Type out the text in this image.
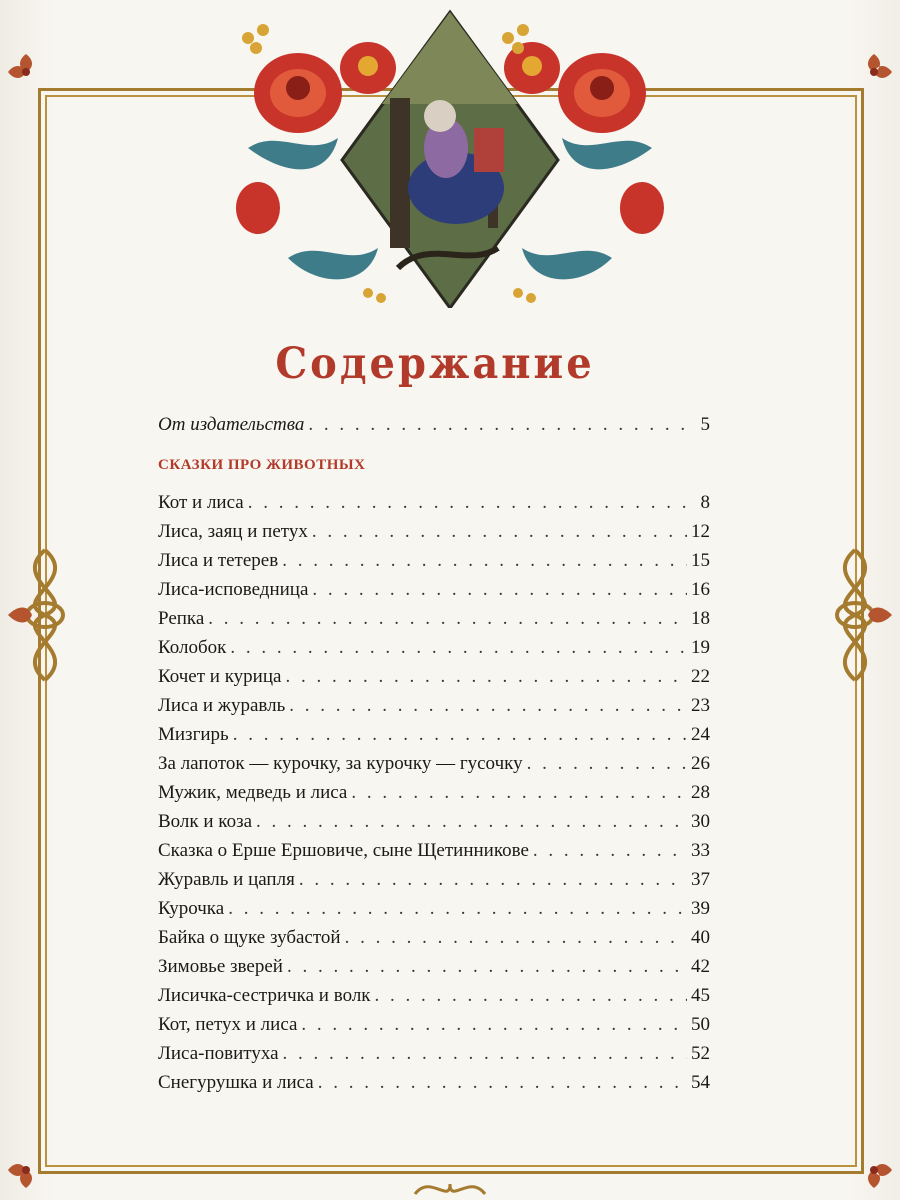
Содержание
От издательства . . .	5
СКАЗКИ ПРО ЖИВОТНЫХ
Кот и лиса . . .	8
Лиса, заяц и петух . . .	12
Лиса и тетерев . . .	15
Лиса-исповедница . . .	16
Репка . . .	18
Колобок . . .	19
Кочет и курица . . .	22
Лиса и журавль . . .	23
Мизгирь . . .	24
За лапоток — курочку, за курочку — гусочку . . .	26
Мужик, медведь и лиса . . .	28
Волк и коза . . .	30
Сказка о Ерше Ершовиче, сыне Щетинникове . . .	33
Журавль и цапля . . .	37
Курочка . . .	39
Байка о щуке зубастой . . .	40
Зимовье зверей . . .	42
Лисичка-сестричка и волк . . .	45
Кот, петух и лиса . . .	50
Лиса-повитуха . . .	52
Снегурушка и лиса . . .	54
